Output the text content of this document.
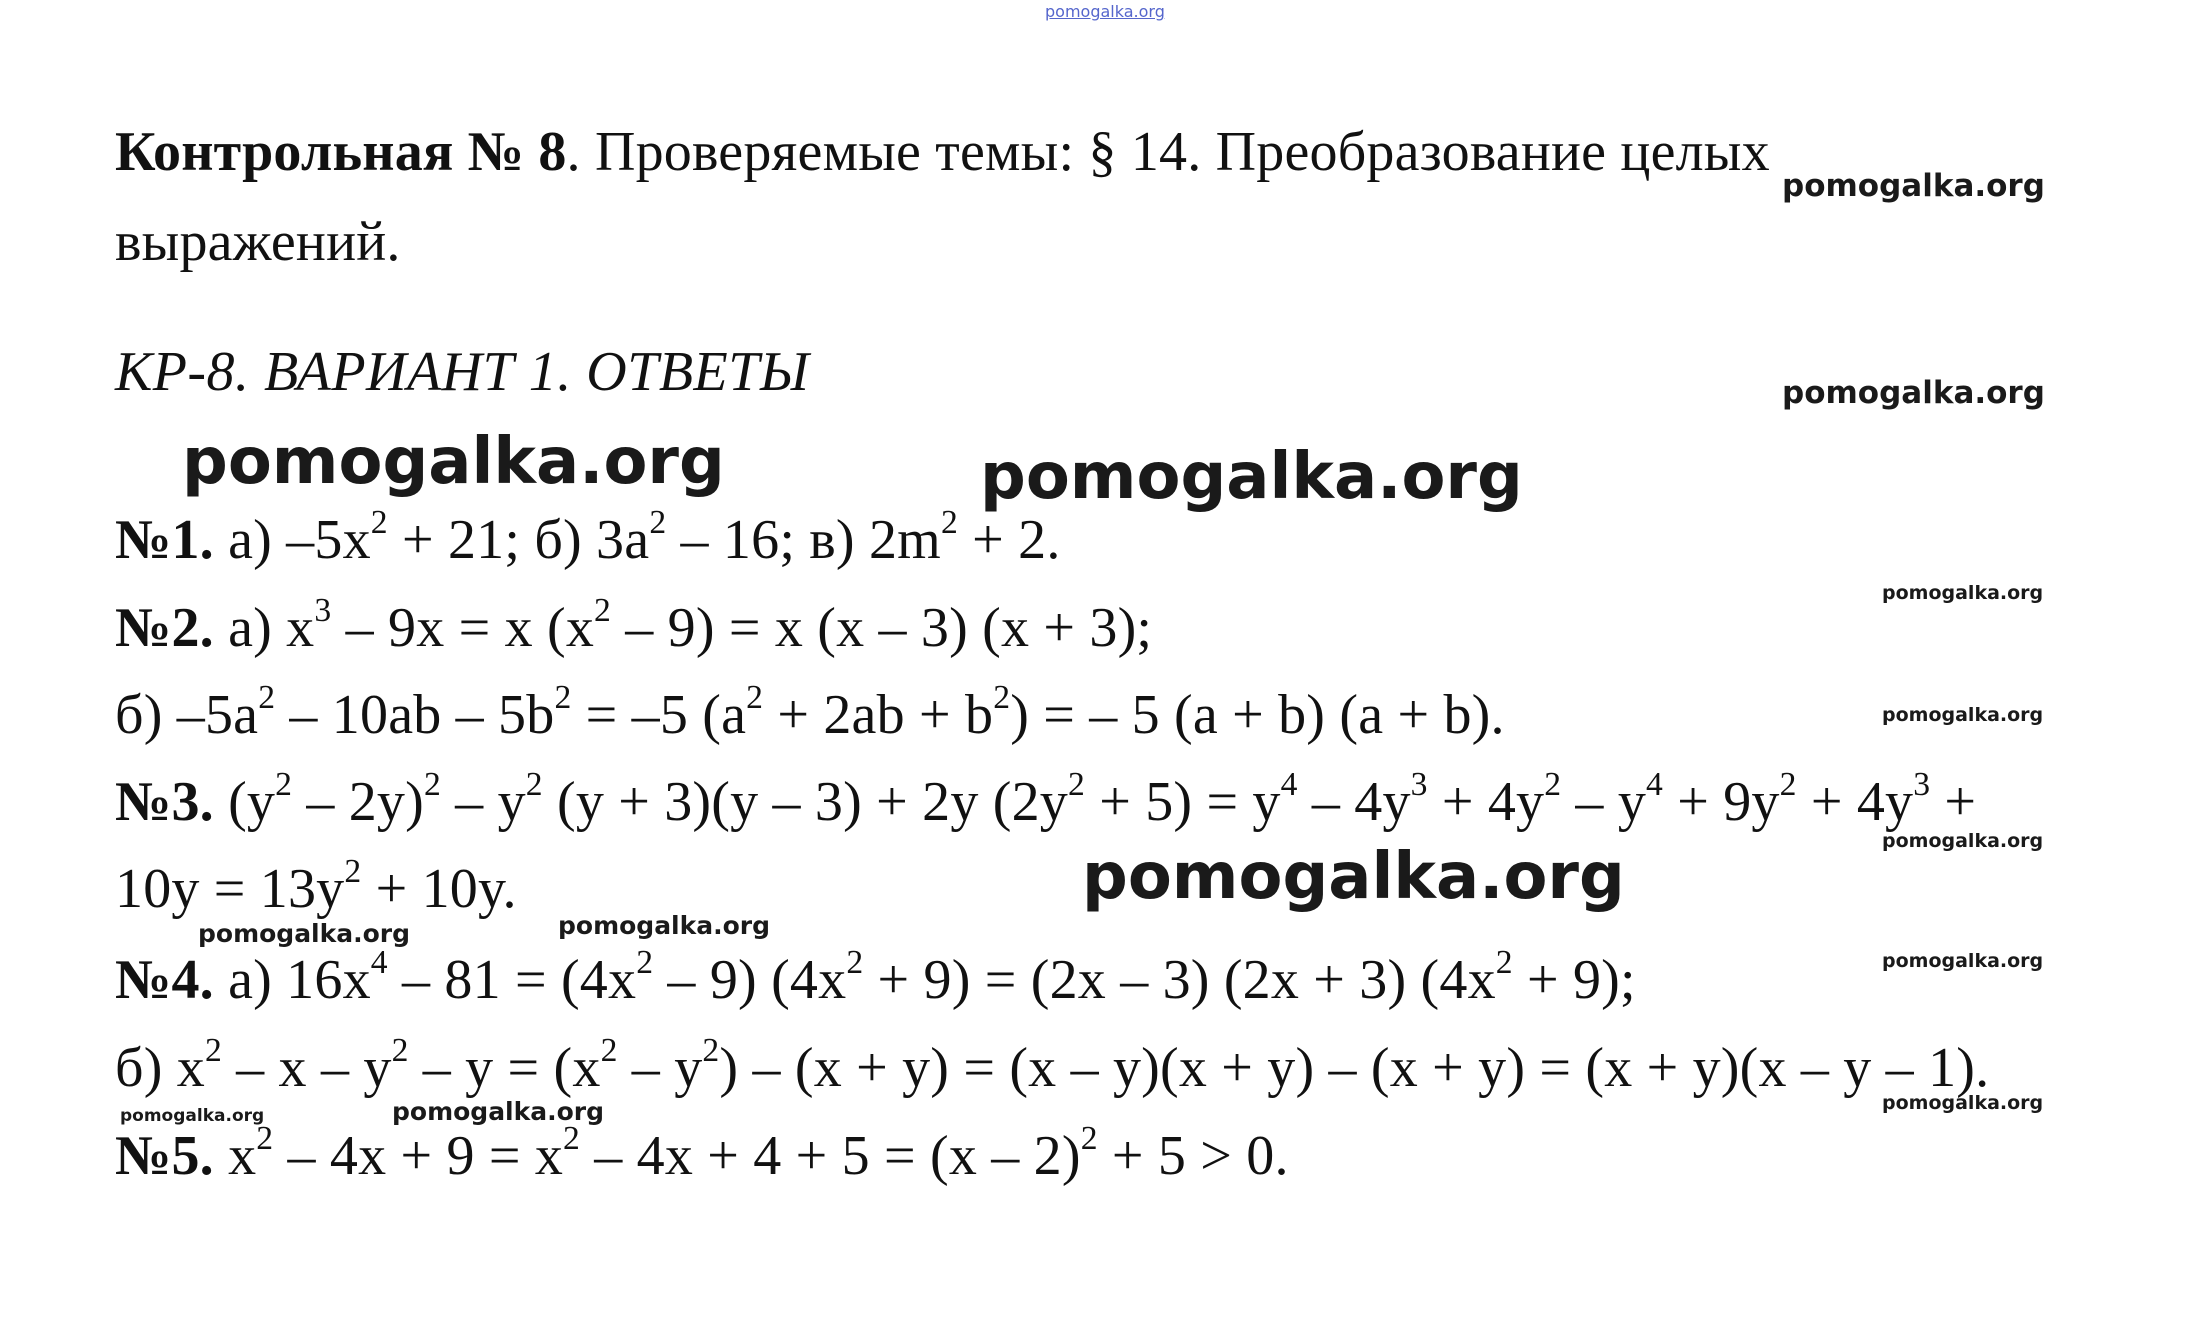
pomogalka.org
Контрольная № 8. Проверяемые темы: § 14. Преобразование целых
выражений.
КР-8. ВАРИАНТ 1. ОТВЕТЫ
№1. а) $-5x^2 + 21$; б) $3a^2 - 16$; в) $2m^2 + 2$.
№2. а) $x^3 - 9x = x$ $(x^2 - 9) = x$ (x – 3) (x + 3);
б) $-5a^2 - 10ab - 5b^2 = -5$ $(a^2 + 2ab + b^2)$ = – 5 (a + b) (a + b).
№3. $(y^2 - 2y)^2 - y^2$ (y + 3)(y – 3) + 2y $(2y^2 + 5) = y^4 - 4y^3 + 4y^2 - y^4 + 9y^2 + 4y^3$ +
$10y = 13y^2 + 10y$.
№4. а) $16x^4 - 81 = (4x^2 - 9) (4x^2 + 9) = (2x - 3) (2x + 3) (4x^2 + 9)$;
б) $x^2 - x - y^2 - y = (x^2 - y^2) - (x + y) = (x - y)(x + y) - (x + y) = (x + y)(x - y - 1)$.
№5. $x^2 - 4x + 9 = x^2 - 4x + 4 + 5 = (x - 2)^2 + 5 > 0$.
pomogalka.org
pomogalka.org
pomogalka.org	pomogalka.org
pomogalka.org
pomogalka.org
pomogalka.org
pomogalka.org
pomogalka.org	pomogalka.org
pomogalka.org
pomogalka.org
pomogalka.org
pomogalka.org
